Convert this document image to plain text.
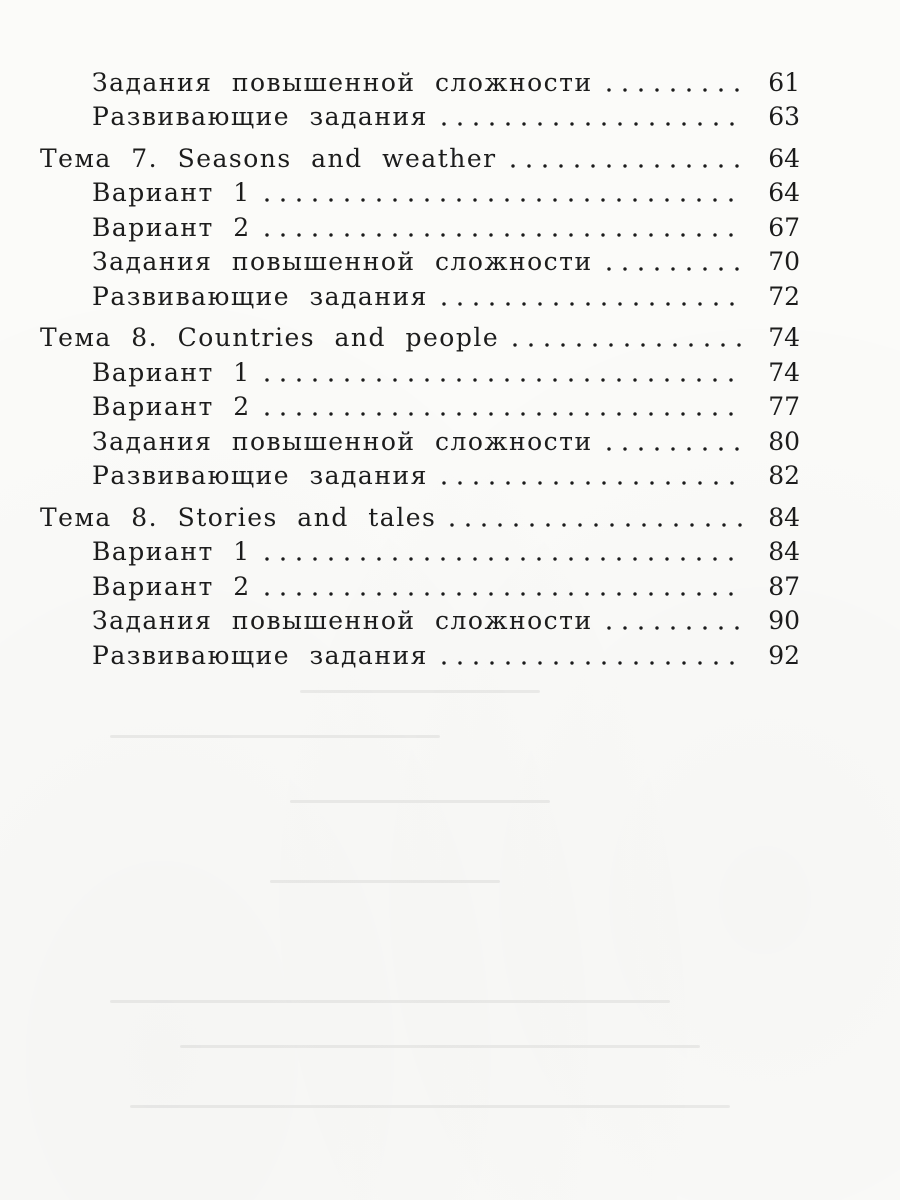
Задания повышенной сложности	61
Развивающие задания	63
Тема 7. Seasons and weather	64
Вариант 1	64
Вариант 2	67
Задания повышенной сложности	70
Развивающие задания	72
Тема 8. Countries and people	74
Вариант 1	74
Вариант 2	77
Задания повышенной сложности	80
Развивающие задания	82
Тема 8. Stories and tales	84
Вариант 1	84
Вариант 2	87
Задания повышенной сложности	90
Развивающие задания	92
